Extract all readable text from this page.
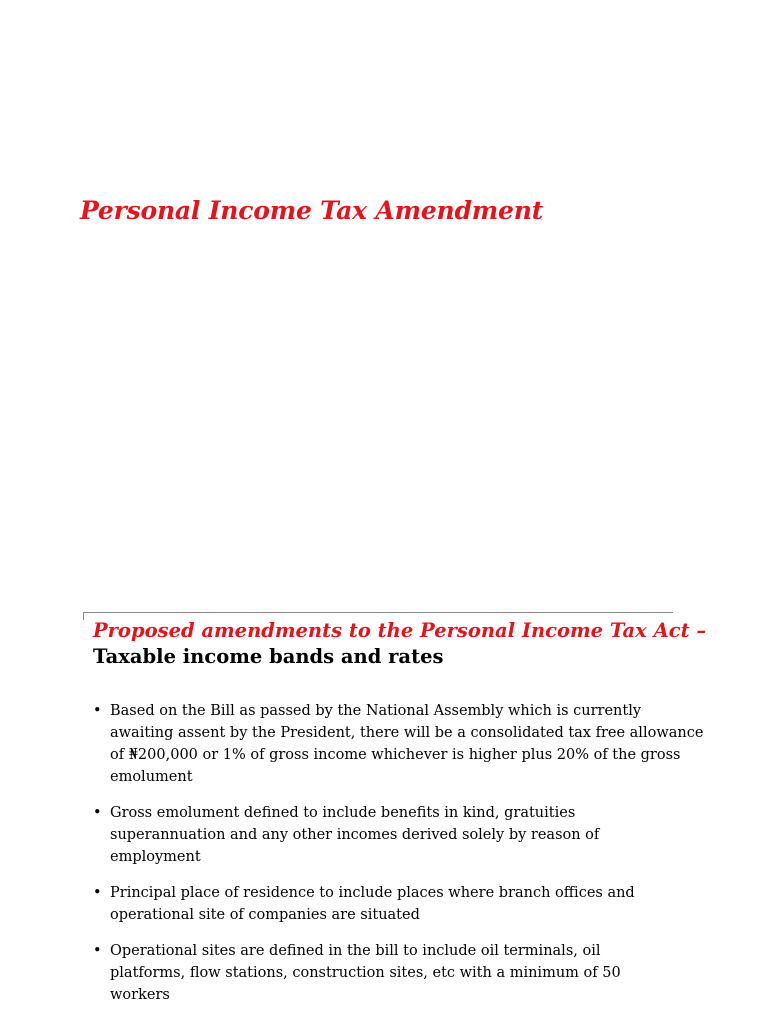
Personal Income Tax Amendment
Proposed amendments to the Personal Income Tax Act – Taxable income bands and rates
• Based on the Bill as passed by the National Assembly which is currently awaiting assent by the President, there will be a consolidated tax free allowance of ₦200,000 or 1% of gross income whichever is higher plus 20% of the gross emolument
• Gross emolument defined to include benefits in kind, gratuities superannuation and any other incomes derived solely by reason of employment
• Principal place of residence to include places where branch offices and operational site of companies are situated
• Operational sites are defined in the bill to include oil terminals, oil platforms, flow stations, construction sites, etc with a minimum of 50 workers
